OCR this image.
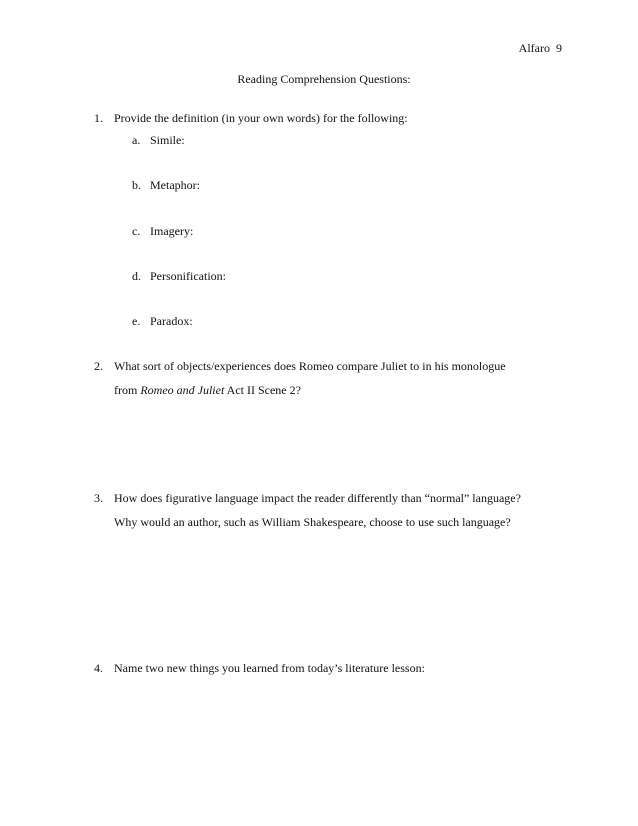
Alfaro 9
Reading Comprehension Questions:
1. Provide the definition (in your own words) for the following:
a. Simile:
b. Metaphor:
c. Imagery:
d. Personification:
e. Paradox:
2. What sort of objects/experiences does Romeo compare Juliet to in his monologue
from Romeo and Juliet Act II Scene 2?
3. How does figurative language impact the reader differently than “normal” language?
Why would an author, such as William Shakespeare, choose to use such language?
4. Name two new things you learned from today’s literature lesson:
